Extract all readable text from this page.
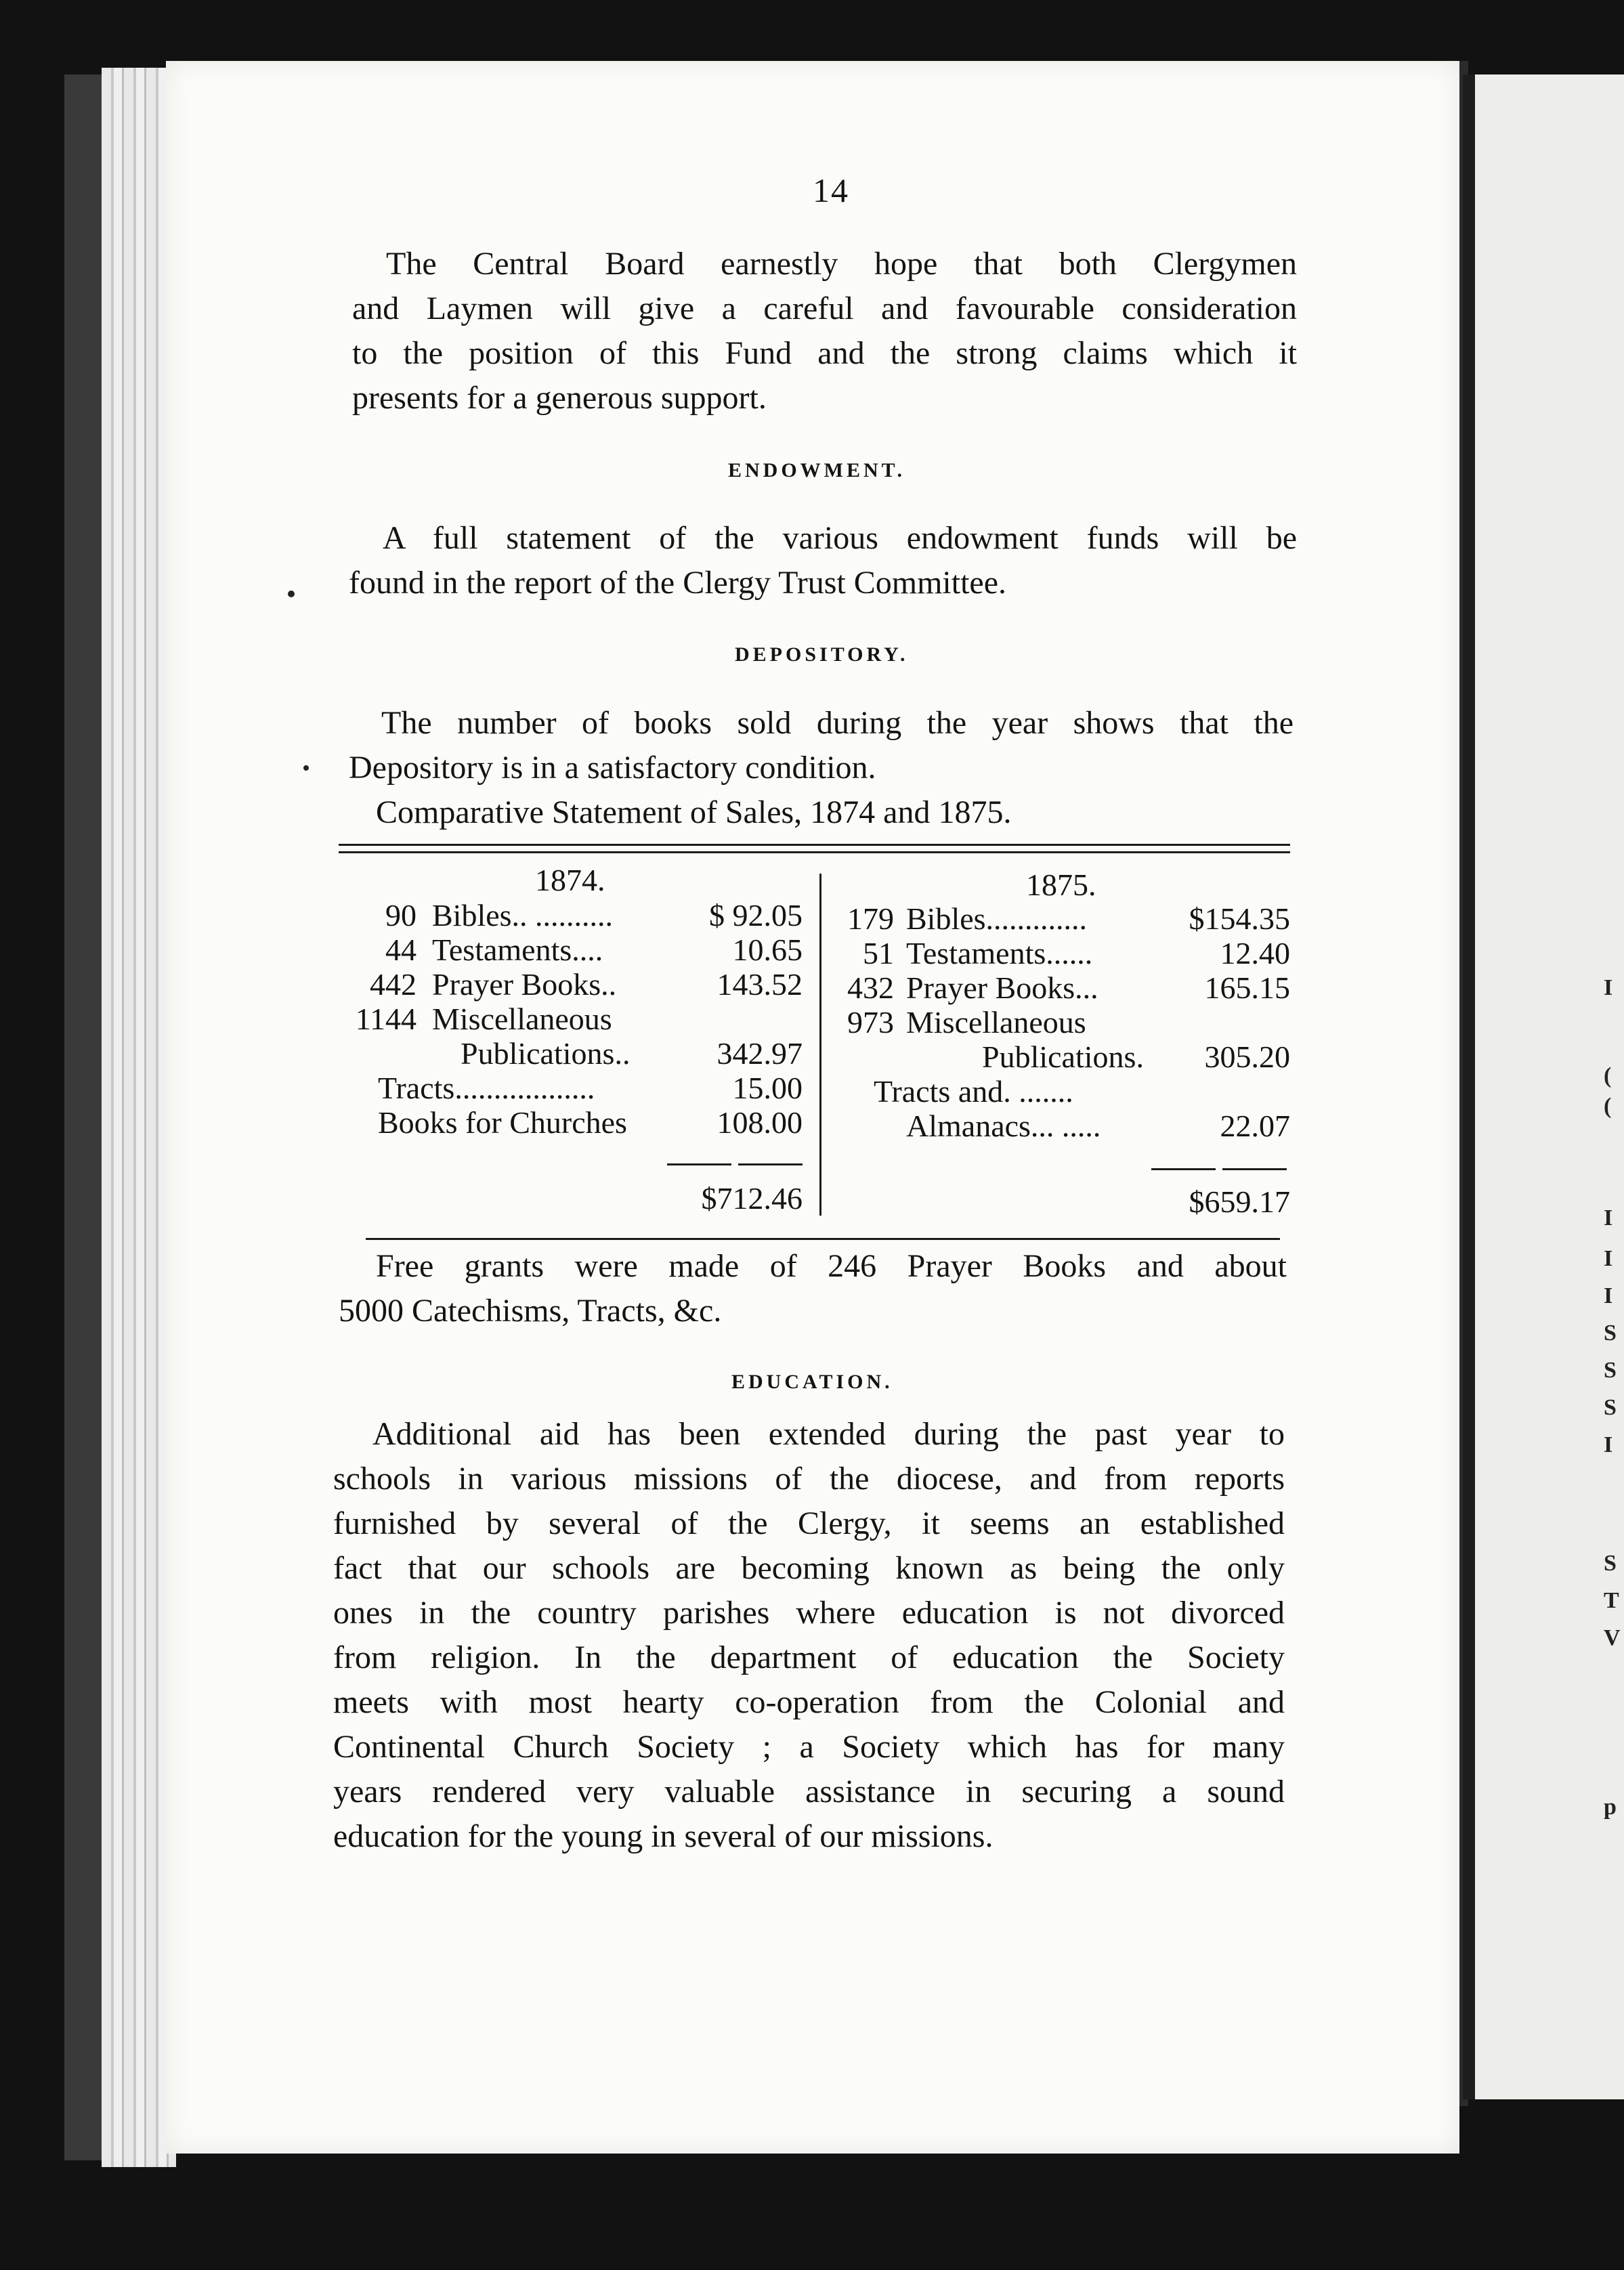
I
(
(
I
I
I
S
S
S
I
S
T
V
p
14
The Central Board earnestly hope that both Clergymen
and Laymen will give a careful and favourable consideration
to the position of this Fund and the strong claims which it
presents for a generous support.
ENDOWMENT.
A full statement of the various endowment funds will be
found in the report of the Clergy Trust Committee.
DEPOSITORY.
The number of books sold during the year shows that the
Depository is in a satisfactory condition.
Comparative Statement of Sales, 1874 and 1875.
1874.
90 Bibles.. ..........	$ 92.05
44 Testaments....	10.65
442 Prayer Books..	143.52
1144 Miscellaneous
Publications..	342.97
Tracts..................	15.00
Books for Churches	108.00
$712.46
1875.
179 Bibles.............	$154.35
51 Testaments......	12.40
432 Prayer Books...	165.15
973 Miscellaneous
Publications.	305.20
Tracts and. .......
Almanacs... .....	22.07
$659.17
Free grants were made of 246 Prayer Books and about
5000 Catechisms, Tracts, &c.
EDUCATION.
Additional aid has been extended during the past year to
schools in various missions of the diocese, and from reports
furnished by several of the Clergy, it seems an established
fact that our schools are becoming known as being the only
ones in the country parishes where education is not divorced
from religion. In the department of education the Society
meets with most hearty co-operation from the Colonial and
Continental Church Society ; a Society which has for many
years rendered very valuable assistance in securing a sound
education for the young in several of our missions.
